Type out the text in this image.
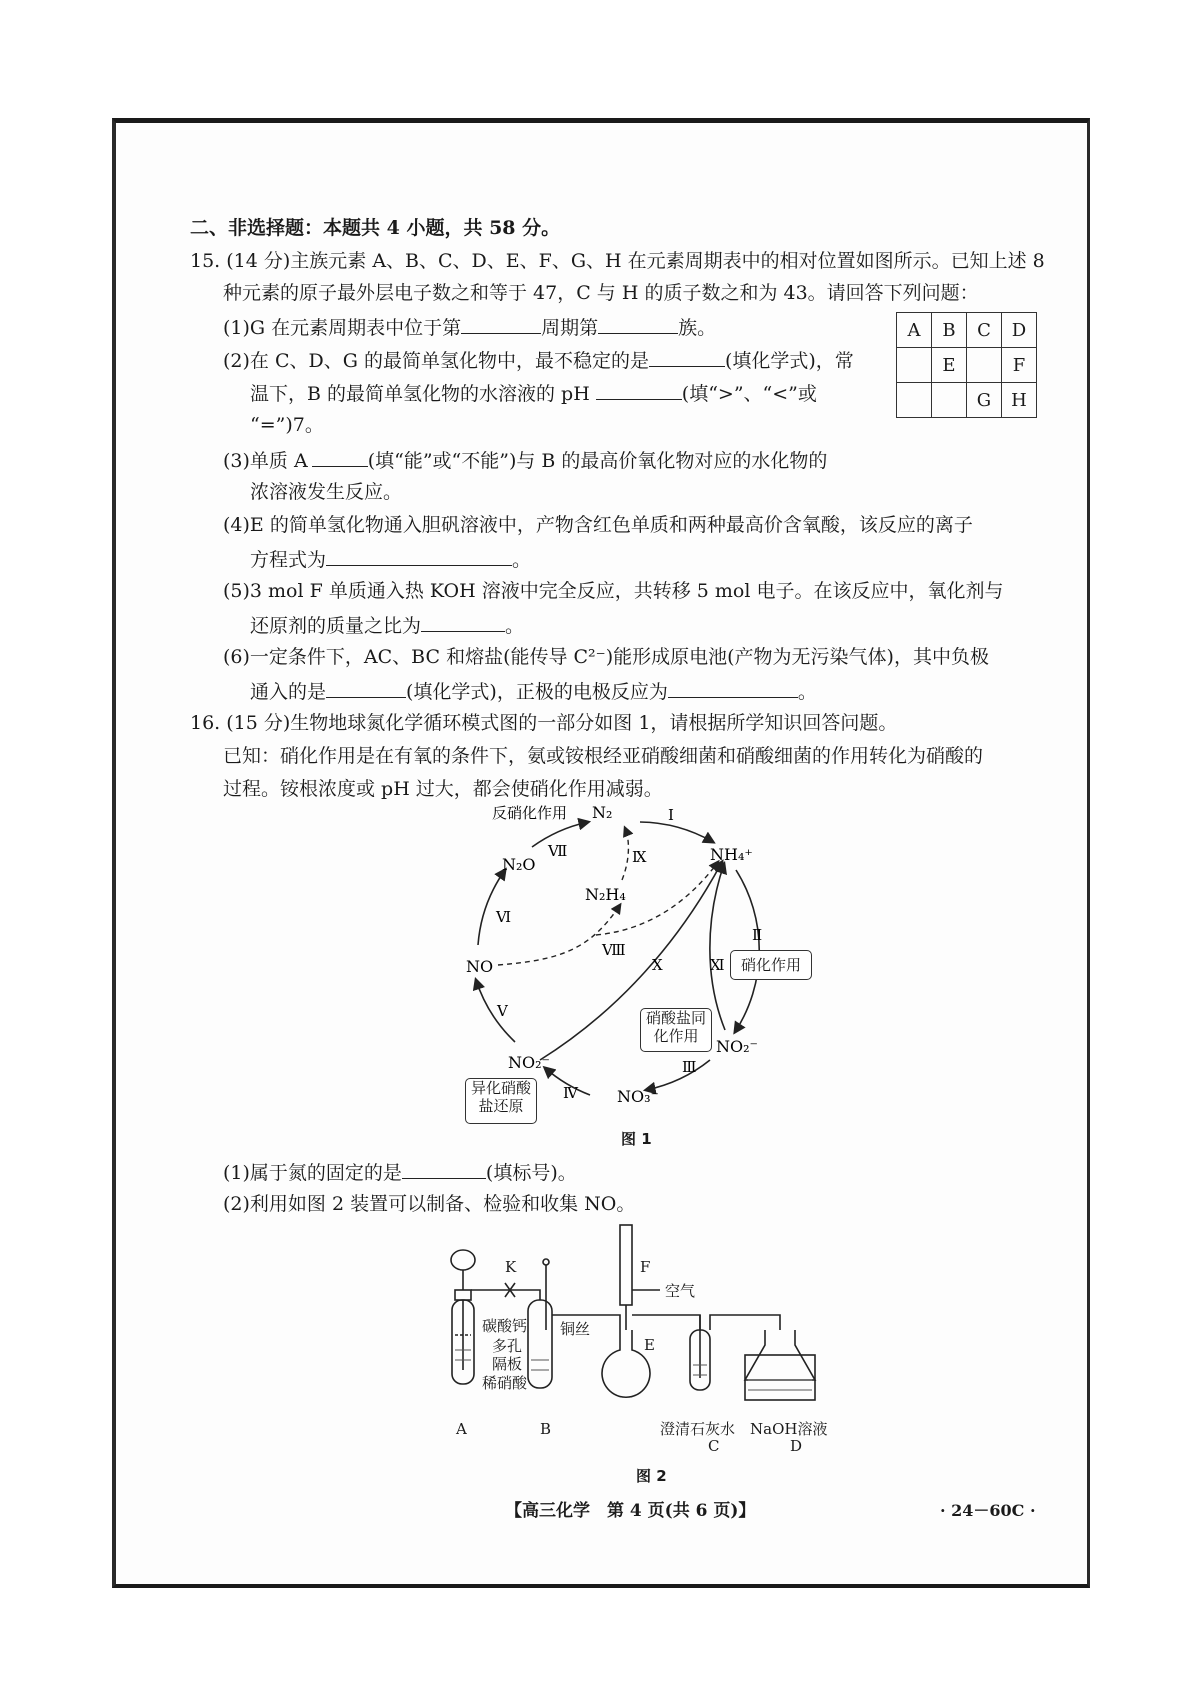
二、非选择题：本题共 4 小题，共 58 分。
15. (14 分)主族元素 A、B、C、D、E、F、G、H 在元素周期表中的相对位置如图所示。已知上述 8
种元素的原子最外层电子数之和等于 47，C 与 H 的质子数之和为 43。请回答下列问题：
(1)G 在元素周期表中位于第	周期第	族。
(2)在 C、D、G 的最简单氢化物中，最不稳定的是	(填化学式)，常
温下，B 的最简单氢化物的水溶液的 pH	(填“>”、“<”或
“=”)7。
A	B	C	D
	E		F
		G	H
(3)单质 A	(填“能”或“不能”)与 B 的最高价氧化物对应的水化物的
浓溶液发生反应。
(4)E 的简单氢化物通入胆矾溶液中，产物含红色单质和两种最高价含氧酸，该反应的离子
方程式为	。
(5)3 mol F 单质通入热 KOH 溶液中完全反应，共转移 5 mol 电子。在该反应中，氧化剂与
还原剂的质量之比为	。
(6)一定条件下，AC、BC 和熔盐(能传导 C²⁻)能形成原电池(产物为无污染气体)，其中负极
通入的是	(填化学式)，正极的电极反应为	。
16. (15 分)生物地球氮化学循环模式图的一部分如图 1，请根据所学知识回答问题。
已知：硝化作用是在有氧的条件下，氨或铵根经亚硝酸细菌和硝酸细菌的作用转化为硝酸的
过程。铵根浓度或 pH 过大，都会使硝化作用减弱。
Ⅰ
Ⅱ
Ⅲ
Ⅳ
Ⅴ
Ⅵ
Ⅶ
Ⅷ
Ⅸ
Ⅹ	Ⅺ
反硝化作用 N₂
NH₄⁺
N₂O
N₂H₄
NO
NO₂⁻
NO₂⁻
NO₃⁻
硝化作用
硝酸盐同化作用
异化硝酸盐还原
图 1
(1)属于氮的固定的是	(填标号)。
(2)利用如图 2 装置可以制备、检验和收集 NO。
K	F
空气
碳酸钙
多孔
隔板
稀硝酸
铜丝
E
澄清石灰水 NaOH溶液
A	B
C	D
图 2
【高三化学　第 4 页(共 6 页)】	· 24－60C ·
